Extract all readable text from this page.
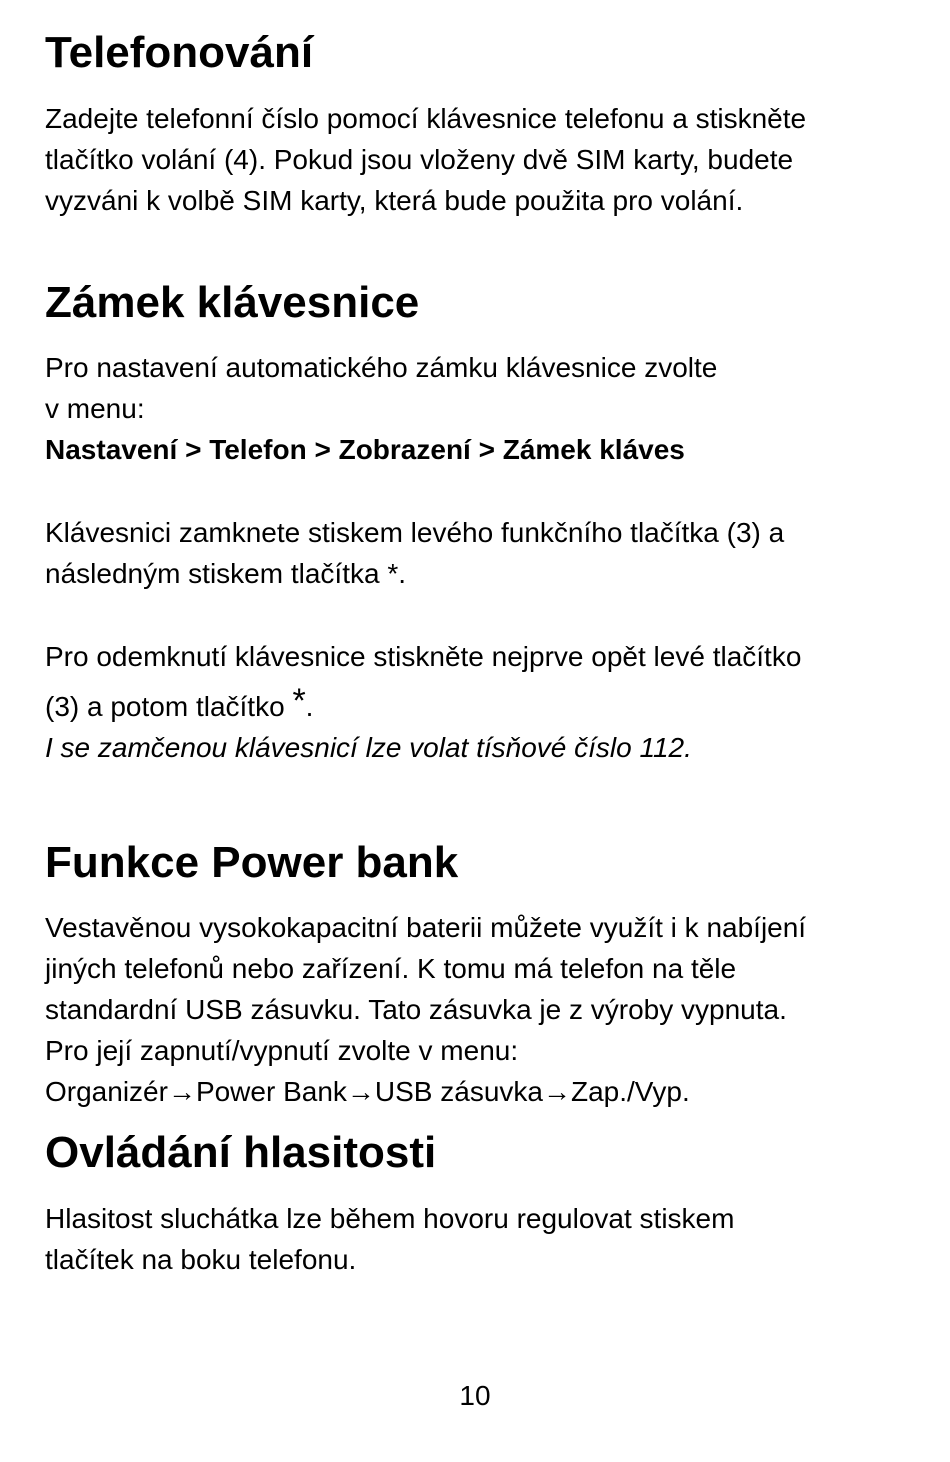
Telefonování

Zadejte telefonní číslo pomocí klávesnice telefonu a stiskněte

tlačítko volání (4). Pokud jsou vloženy dvě SIM karty, budete

vyzváni k volbě SIM karty, která bude použita pro volání.

Zámek klávesnice

Pro nastavení automatického zámku klávesnice zvolte

v menu:

Nastavení > Telefon > Zobrazení > Zámek kláves

Klávesnici zamknete stiskem levého funkčního tlačítka (3) a

následným stiskem tlačítka *.

Pro odemknutí klávesnice stiskněte nejprve opět levé tlačítko

(3) a potom tlačítko *.

I se zamčenou klávesnicí lze volat tísňové číslo 112.

Funkce Power bank

Vestavěnou vysokokapacitní baterii můžete využít i k nabíjení

jiných telefonů nebo zařízení. K tomu má telefon na těle

standardní USB zásuvku. Tato zásuvka je z výroby vypnuta.

Pro její zapnutí/vypnutí zvolte v menu:

Organizér→Power Bank→USB zásuvka→Zap./Vyp.

Ovládání hlasitosti

Hlasitost sluchátka lze během hovoru regulovat stiskem

tlačítek na boku telefonu.

10
